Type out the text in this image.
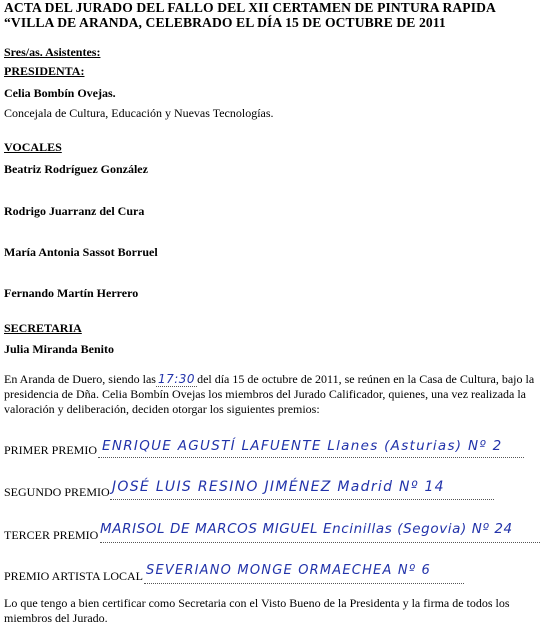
ACTA DEL JURADO DEL FALLO DEL XII CERTAMEN DE PINTURA RAPIDA
“VILLA DE ARANDA, CELEBRADO EL DÍA 15 DE OCTUBRE DE 2011
Sres/as. Asistentes:
PRESIDENTA:
Celia Bombín Ovejas.
Concejala de Cultura, Educación y Nuevas Tecnologías.
VOCALES
Beatriz Rodríguez González
Rodrigo Juarranz del Cura
María Antonia Sassot Borruel
Fernando Martín Herrero
SECRETARIA
Julia Miranda Benito
En Aranda de Duero, siendo las 17:30 del día 15 de octubre de 2011, se reúnen en la Casa de Cultura, bajo la presidencia de Dña. Celia Bombín Ovejas los miembros del Jurado Calificador, quienes, una vez realizada la valoración y deliberación, deciden otorgar los siguientes premios:
PRIMER PREMIO ENRIQUE AGUSTÍ LAFUENTE Llanes (Asturias) Nº 2
SEGUNDO PREMIO JOSÉ LUIS RESINO JIMÉNEZ Madrid Nº 14
TERCER PREMIO MARISOL DE MARCOS MIGUEL Encinillas (Segovia) Nº 24
PREMIO ARTISTA LOCAL SEVERIANO MONGE ORMAECHEA Nº 6
Lo que tengo a bien certificar como Secretaria con el Visto Bueno de la Presidenta y la firma de todos los miembros del Jurado.
